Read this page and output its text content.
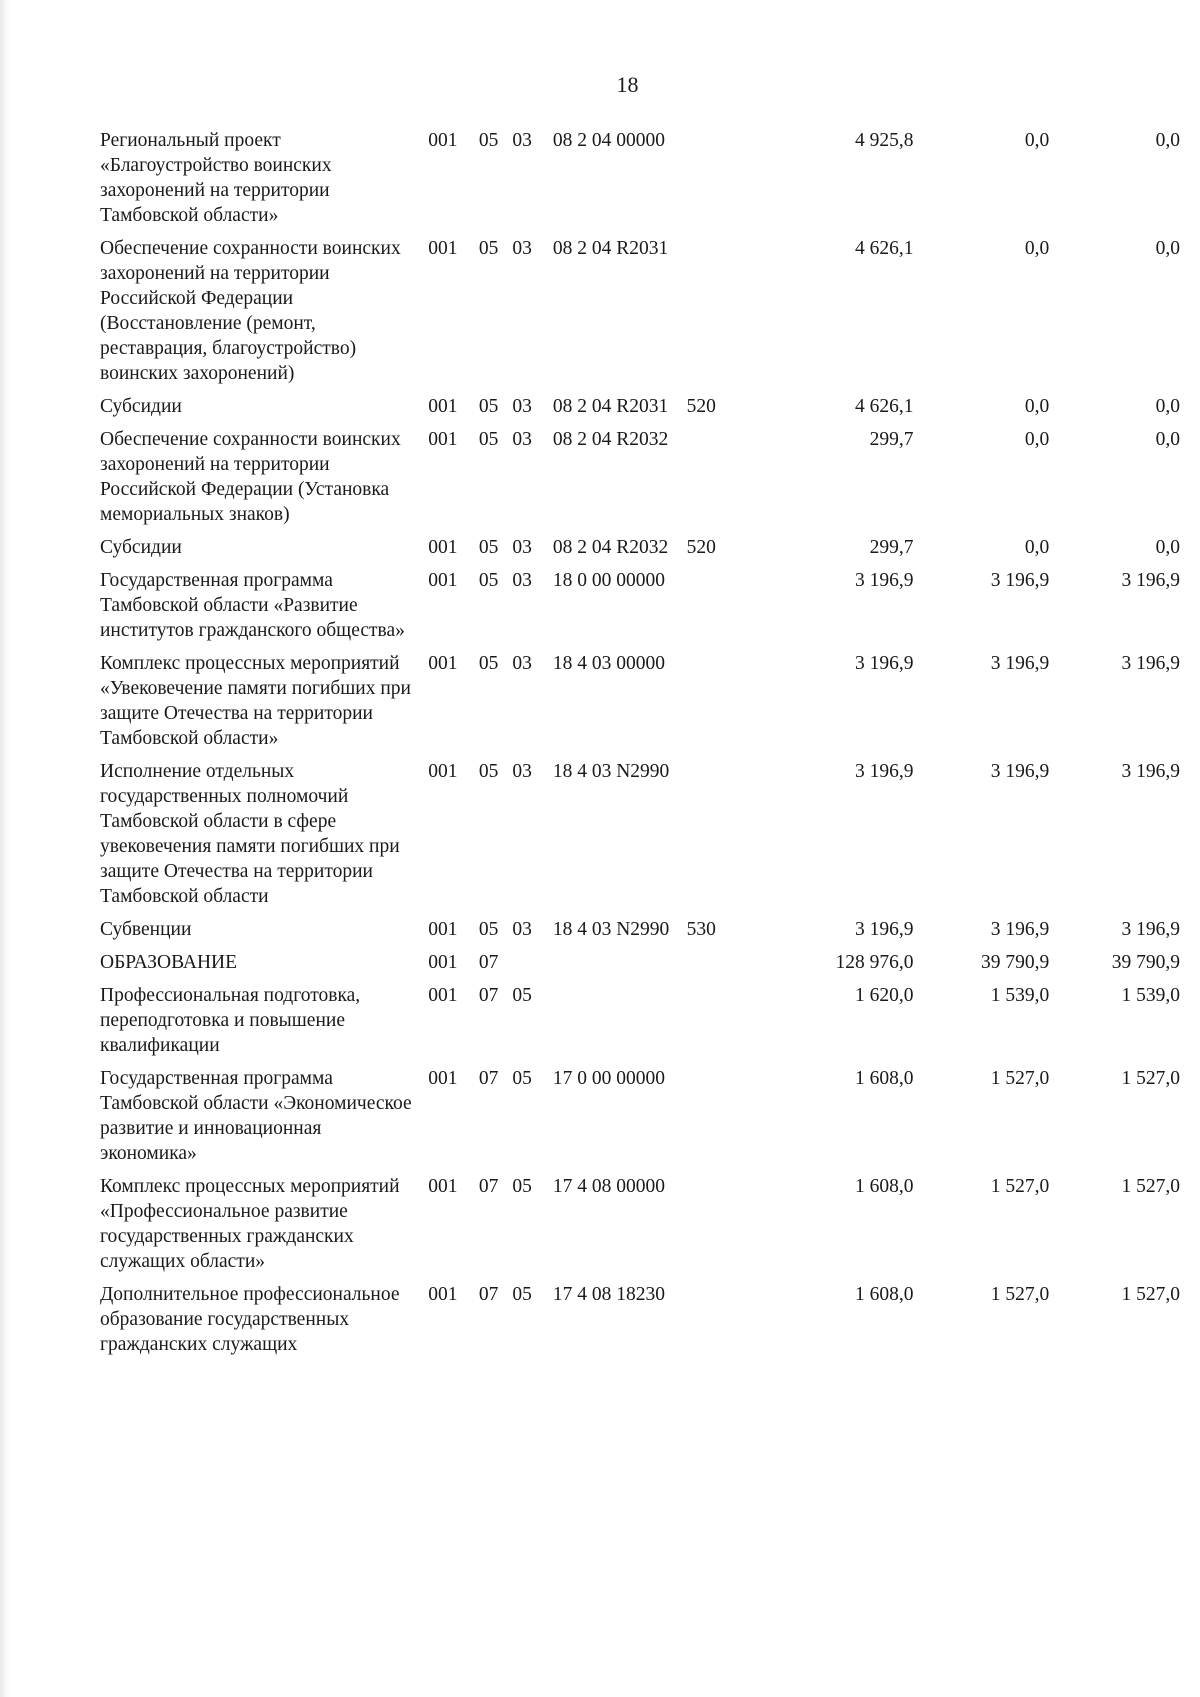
18
Региональный проект «Благоустройство воинских захоронений на территории Тамбовской области»	001	05	03	08 2 04 00000		4 925,8	0,0	0,0
Обеспечение сохранности воинских захоронений на территории Российской Федерации (Восстановление (ремонт, реставрация, благоустройство) воинских захоронений)	001	05	03	08 2 04 R2031		4 626,1	0,0	0,0
Субсидии	001	05	03	08 2 04 R2031	520	4 626,1	0,0	0,0
Обеспечение сохранности воинских захоронений на территории Российской Федерации (Установка мемориальных знаков)	001	05	03	08 2 04 R2032		299,7	0,0	0,0
Субсидии	001	05	03	08 2 04 R2032	520	299,7	0,0	0,0
Государственная программа Тамбовской области «Развитие институтов гражданского общества»	001	05	03	18 0 00 00000		3 196,9	3 196,9	3 196,9
Комплекс процессных мероприятий «Увековечение памяти погибших при защите Отечества на территории Тамбовской области»	001	05	03	18 4 03 00000		3 196,9	3 196,9	3 196,9
Исполнение отдельных государственных полномочий Тамбовской области в сфере увековечения памяти погибших при защите Отечества на территории Тамбовской области	001	05	03	18 4 03 N2990		3 196,9	3 196,9	3 196,9
Субвенции	001	05	03	18 4 03 N2990	530	3 196,9	3 196,9	3 196,9
ОБРАЗОВАНИЕ	001	07				128 976,0	39 790,9	39 790,9
Профессиональная подготовка, переподготовка и повышение квалификации	001	07	05			1 620,0	1 539,0	1 539,0
Государственная программа Тамбовской области «Экономическое развитие и инновационная экономика»	001	07	05	17 0 00 00000		1 608,0	1 527,0	1 527,0
Комплекс процессных мероприятий «Профессиональное развитие государственных гражданских служащих области»	001	07	05	17 4 08 00000		1 608,0	1 527,0	1 527,0
Дополнительное профессиональное образование государственных гражданских служащих	001	07	05	17 4 08 18230		1 608,0	1 527,0	1 527,0
